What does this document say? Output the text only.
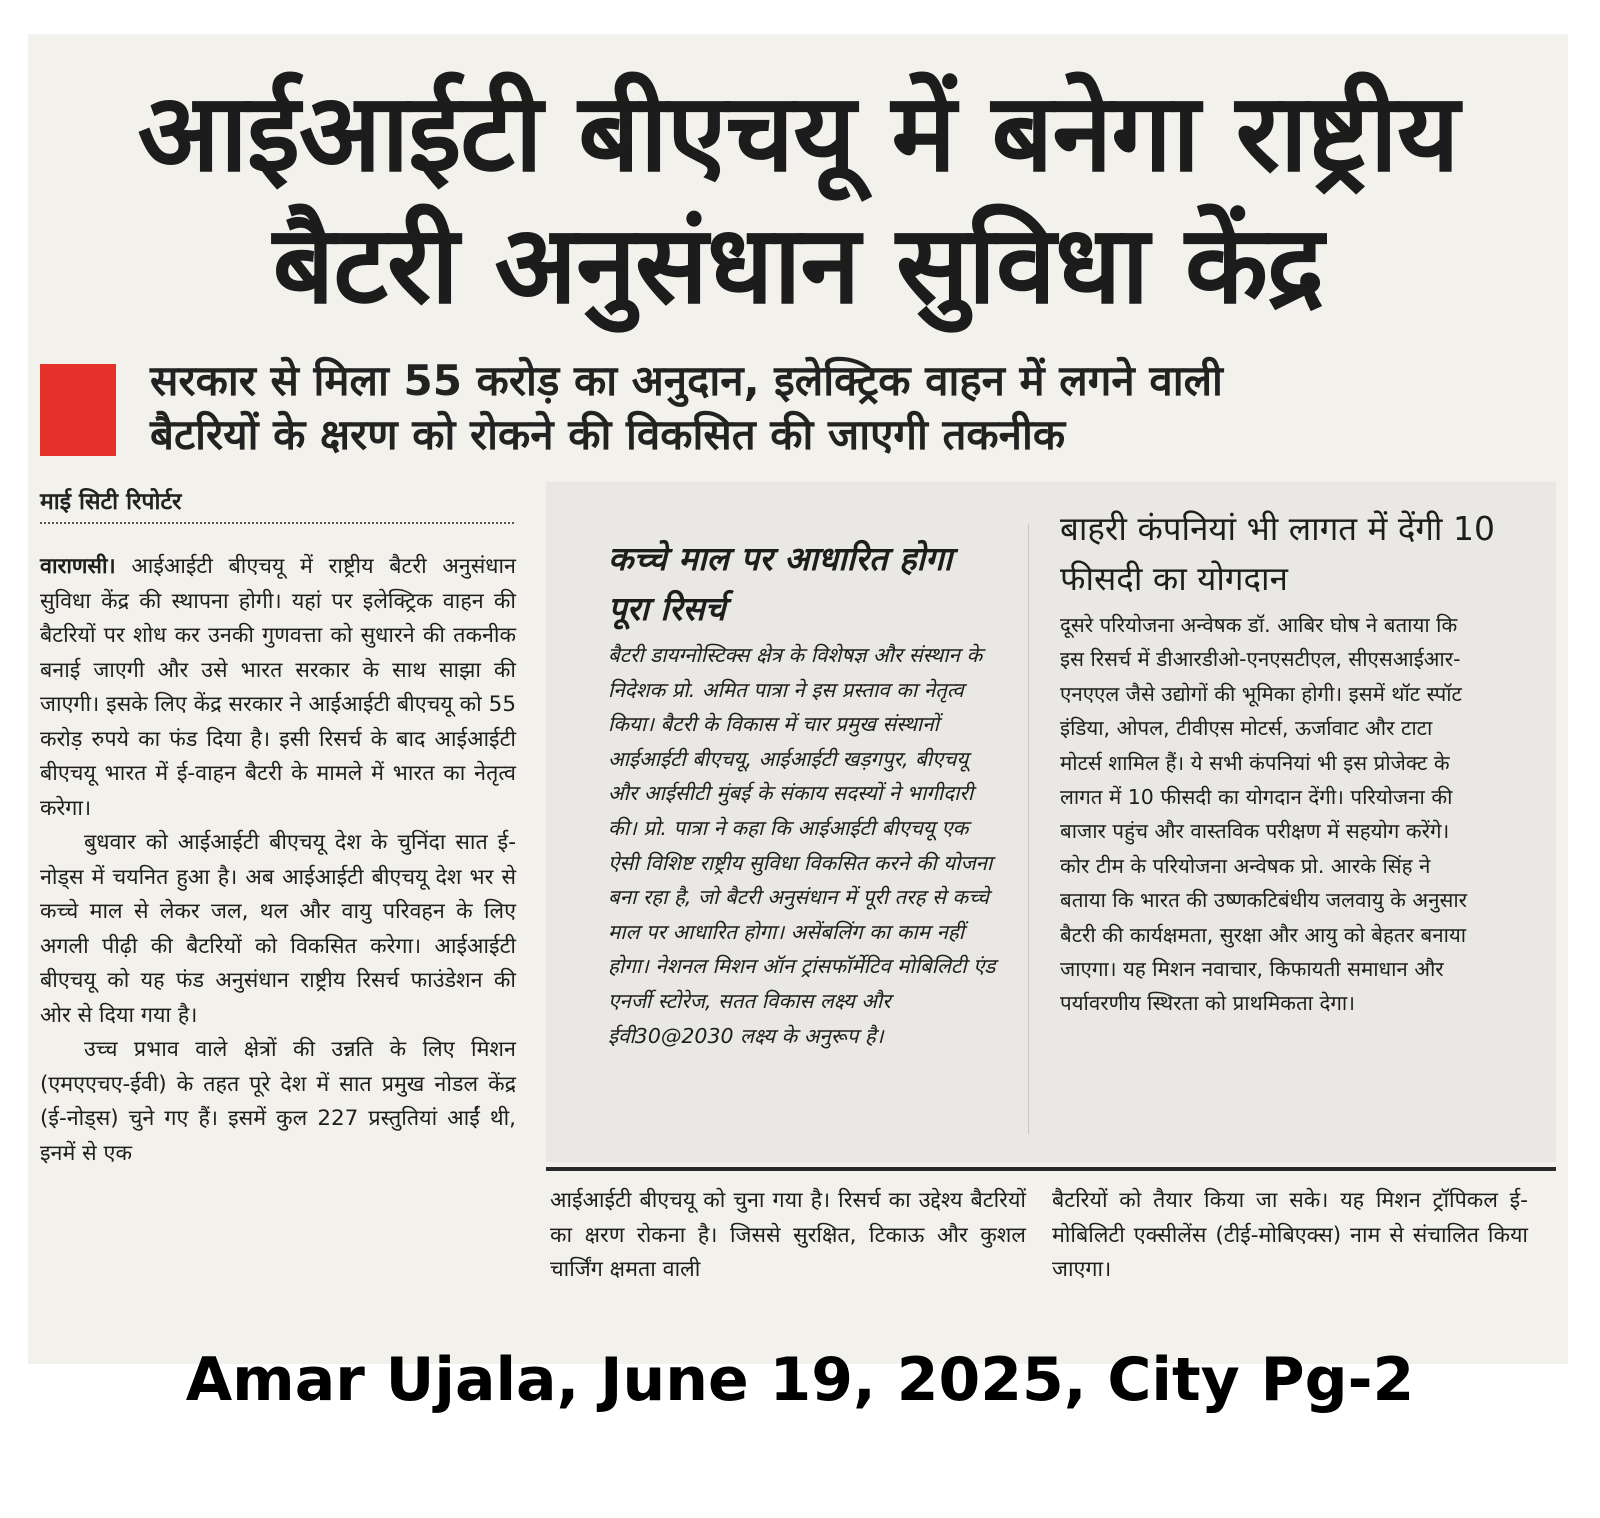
आईआईटी बीएचयू में बनेगा राष्ट्रीय
बैटरी अनुसंधान सुविधा केंद्र
सरकार से मिला 55 करोड़ का अनुदान, इलेक्ट्रिक वाहन में लगने वाली
बैटरियों के क्षरण को रोकने की विकसित की जाएगी तकनीक
माई सिटी रिपोर्टर

वाराणसी। आईआईटी बीएचयू में राष्ट्रीय बैटरी अनुसंधान सुविधा केंद्र की स्थापना होगी। यहां पर इलेक्ट्रिक वाहन की बैटरियों पर शोध कर उनकी गुणवत्ता को सुधारने की तकनीक बनाई जाएगी और उसे भारत सरकार के साथ साझा की जाएगी। इसके लिए केंद्र सरकार ने आईआईटी बीएचयू को 55 करोड़ रुपये का फंड दिया है। इसी रिसर्च के बाद आईआईटी बीएचयू भारत में ई-वाहन बैटरी के मामले में भारत का नेतृत्व करेगा।

बुधवार को आईआईटी बीएचयू देश के चुनिंदा सात ई-नोड्स में चयनित हुआ है। अब आईआईटी बीएचयू देश भर से कच्चे माल से लेकर जल, थल और वायु परिवहन के लिए अगली पीढ़ी की बैटरियों को विकसित करेगा। आईआईटी बीएचयू को यह फंड अनुसंधान राष्ट्रीय रिसर्च फाउंडेशन की ओर से दिया गया है।

उच्च प्रभाव वाले क्षेत्रों की उन्नति के लिए मिशन (एमएएचए-ईवी) के तहत पूरे देश में सात प्रमुख नोडल केंद्र (ई-नोड्स) चुने गए हैं। इसमें कुल 227 प्रस्तुतियां आईं थी, इनमें से एक

कच्चे माल पर आधारित होगा पूरा रिसर्च
बैटरी डायग्नोस्टिक्स क्षेत्र के विशेषज्ञ और संस्थान के निदेशक प्रो. अमित पात्रा ने इस प्रस्ताव का नेतृत्व किया। बैटरी के विकास में चार प्रमुख संस्थानों आईआईटी बीएचयू, आईआईटी खड़गपुर, बीएचयू और आईसीटी मुंबई के संकाय सदस्यों ने भागीदारी की। प्रो. पात्रा ने कहा कि आईआईटी बीएचयू एक ऐसी विशिष्ट राष्ट्रीय सुविधा विकसित करने की योजना बना रहा है, जो बैटरी अनुसंधान में पूरी तरह से कच्चे माल पर आधारित होगा। असेंबलिंग का काम नहीं होगा। नेशनल मिशन ऑन ट्रांसफॉर्मेटिव मोबिलिटी एंड एनर्जी स्टोरेज, सतत विकास लक्ष्य और ईवी30@2030 लक्ष्य के अनुरूप है।
बाहरी कंपनियां भी लागत में देंगी 10 फीसदी का योगदान
दूसरे परियोजना अन्वेषक डॉ. आबिर घोष ने बताया कि इस रिसर्च में डीआरडीओ-एनएसटीएल, सीएसआईआर-एनएएल जैसे उद्योगों की भूमिका होगी। इसमें थॉट स्पॉट इंडिया, ओपल, टीवीएस मोटर्स, ऊर्जावाट और टाटा मोटर्स शामिल हैं। ये सभी कंपनियां भी इस प्रोजेक्ट के लागत में 10 फीसदी का योगदान देंगी। परियोजना की बाजार पहुंच और वास्तविक परीक्षण में सहयोग करेंगे। कोर टीम के परियोजना अन्वेषक प्रो. आरके सिंह ने बताया कि भारत की उष्णकटिबंधीय जलवायु के अनुसार बैटरी की कार्यक्षमता, सुरक्षा और आयु को बेहतर बनाया जाएगा। यह मिशन नवाचार, किफायती समाधान और पर्यावरणीय स्थिरता को प्राथमिकता देगा।
आईआईटी बीएचयू को चुना गया है। रिसर्च का उद्देश्य बैटरियों का क्षरण रोकना है। जिससे सुरक्षित, टिकाऊ और कुशल चार्जिंग क्षमता वाली
बैटरियों को तैयार किया जा सके। यह मिशन ट्रॉपिकल ई-मोबिलिटी एक्सीलेंस (टीई-मोबिएक्स) नाम से संचालित किया जाएगा।
Amar Ujala, June 19, 2025, City Pg-2
